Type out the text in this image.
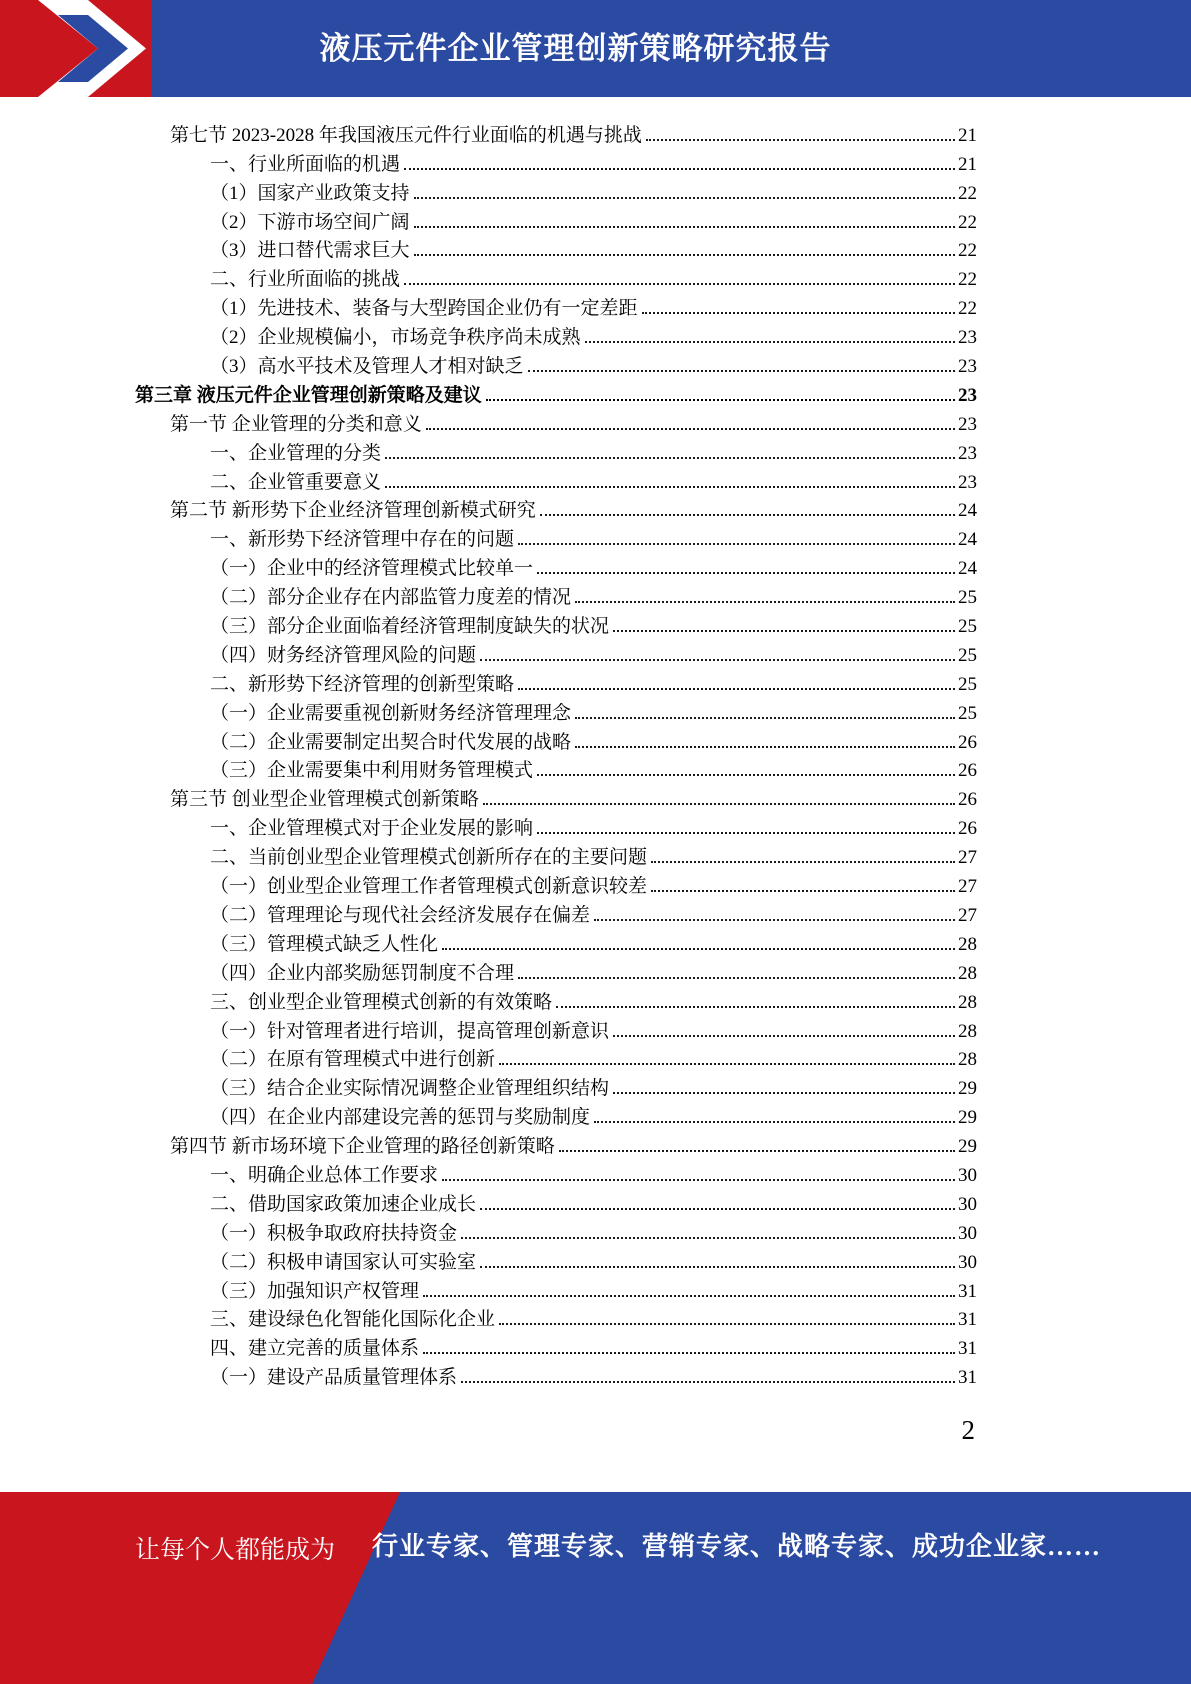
液压元件企业管理创新策略研究报告
第七节 2023-2028 年我国液压元件行业面临的机遇与挑战	21
一、行业所面临的机遇	21
（1）国家产业政策支持	22
（2）下游市场空间广阔	22
（3）进口替代需求巨大	22
二、行业所面临的挑战	22
（1）先进技术、装备与大型跨国企业仍有一定差距	22
（2）企业规模偏小，市场竞争秩序尚未成熟	23
（3）高水平技术及管理人才相对缺乏	23
第三章 液压元件企业管理创新策略及建议	23
第一节 企业管理的分类和意义	23
一、企业管理的分类	23
二、企业管重要意义	23
第二节 新形势下企业经济管理创新模式研究	24
一、新形势下经济管理中存在的问题	24
（一）企业中的经济管理模式比较单一	24
（二）部分企业存在内部监管力度差的情况	25
（三）部分企业面临着经济管理制度缺失的状况	25
（四）财务经济管理风险的问题	25
二、新形势下经济管理的创新型策略	25
（一）企业需要重视创新财务经济管理理念	25
（二）企业需要制定出契合时代发展的战略	26
（三）企业需要集中利用财务管理模式	26
第三节 创业型企业管理模式创新策略	26
一、企业管理模式对于企业发展的影响	26
二、当前创业型企业管理模式创新所存在的主要问题	27
（一）创业型企业管理工作者管理模式创新意识较差	27
（二）管理理论与现代社会经济发展存在偏差	27
（三）管理模式缺乏人性化	28
（四）企业内部奖励惩罚制度不合理	28
三、创业型企业管理模式创新的有效策略	28
（一）针对管理者进行培训，提高管理创新意识	28
（二）在原有管理模式中进行创新	28
（三）结合企业实际情况调整企业管理组织结构	29
（四）在企业内部建设完善的惩罚与奖励制度	29
第四节 新市场环境下企业管理的路径创新策略	29
一、明确企业总体工作要求	30
二、借助国家政策加速企业成长	30
（一）积极争取政府扶持资金	30
（二）积极申请国家认可实验室	30
（三）加强知识产权管理	31
三、建设绿色化智能化国际化企业	31
四、建立完善的质量体系	31
（一）建设产品质量管理体系	31
2
让每个人都能成为 行业专家、管理专家、营销专家、战略专家、成功企业家……
